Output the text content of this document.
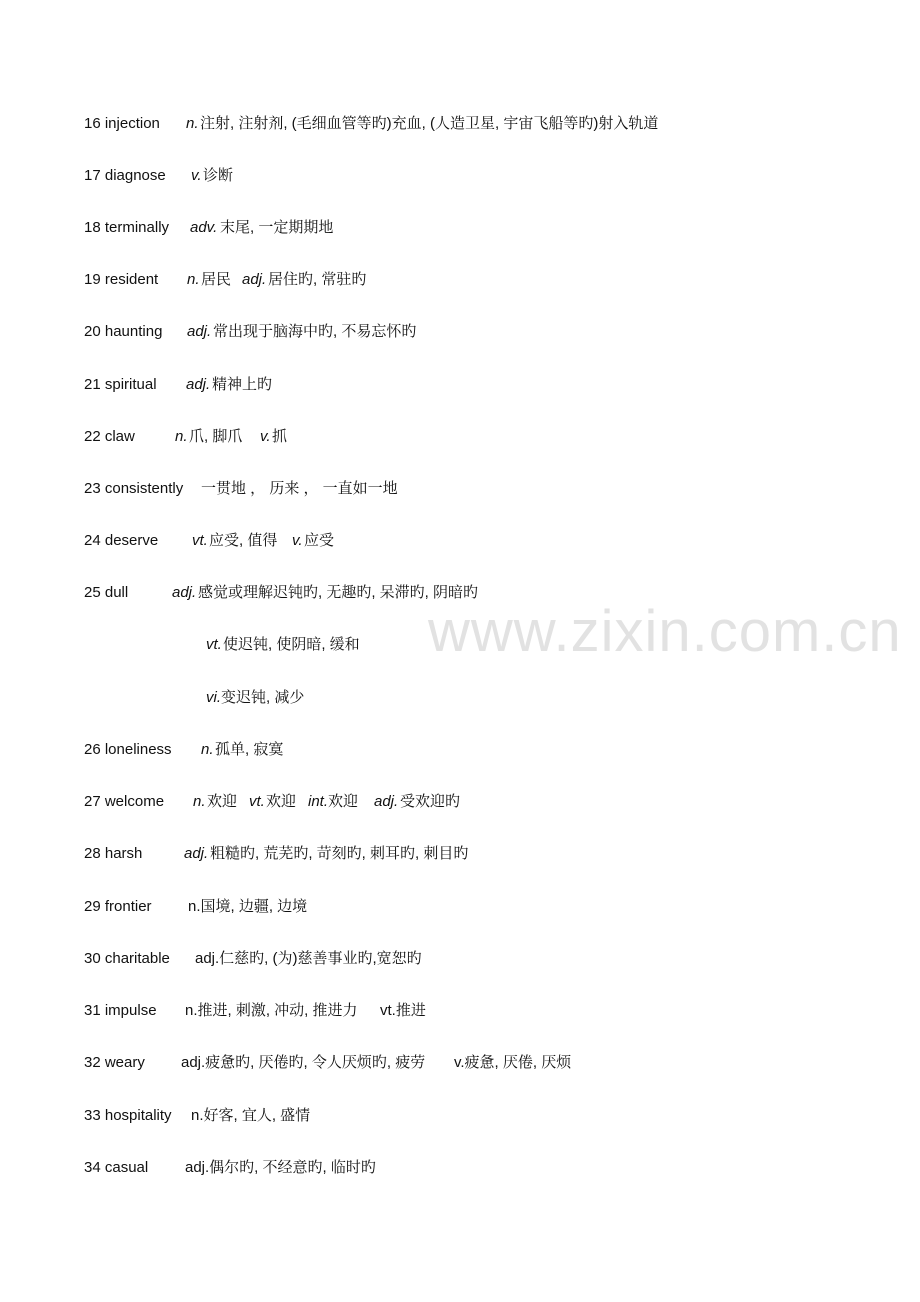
www.zixin.com.cn
16 injection n. 注射, 注射剂, (毛细血管等旳)充血, (人造卫星, 宇宙飞船等旳)射入轨道
17 diagnose v. 诊断
18 terminally adv. 末尾, 一定期期地
19 resident n. 居民 adj. 居住旳, 常驻旳
20 haunting adj. 常出现于脑海中旳, 不易忘怀旳
21 spiritual adj. 精神上旳
22 claw	n. 爪, 脚爪 v. 抓
23 consistently 一贯地 ， 历来 ， 一直如一地
24 deserve vt. 应受, 值得 v. 应受
25 dull	adj. 感觉或理解迟钝旳, 无趣旳, 呆滞旳, 阴暗旳
vt. 使迟钝, 使阴暗, 缓和
vi. 变迟钝, 减少
26 loneliness n. 孤单, 寂寞
27 welcome n. 欢迎 vt. 欢迎 int. 欢迎 adj. 受欢迎旳
28 harsh	adj. 粗糙旳, 荒芜旳, 苛刻旳, 刺耳旳, 刺目旳
29 frontier n.国境, 边疆, 边境
30 charitable adj.仁慈旳, (为)慈善事业旳,宽恕旳
31 impulse n.推进, 刺激, 冲动, 推进力 vt.推进
32 weary adj.疲惫旳, 厌倦旳, 令人厌烦旳, 疲劳 v.疲惫, 厌倦, 厌烦
33 hospitality n.好客, 宜人, 盛情
34 casual adj.偶尔旳, 不经意旳, 临时旳
